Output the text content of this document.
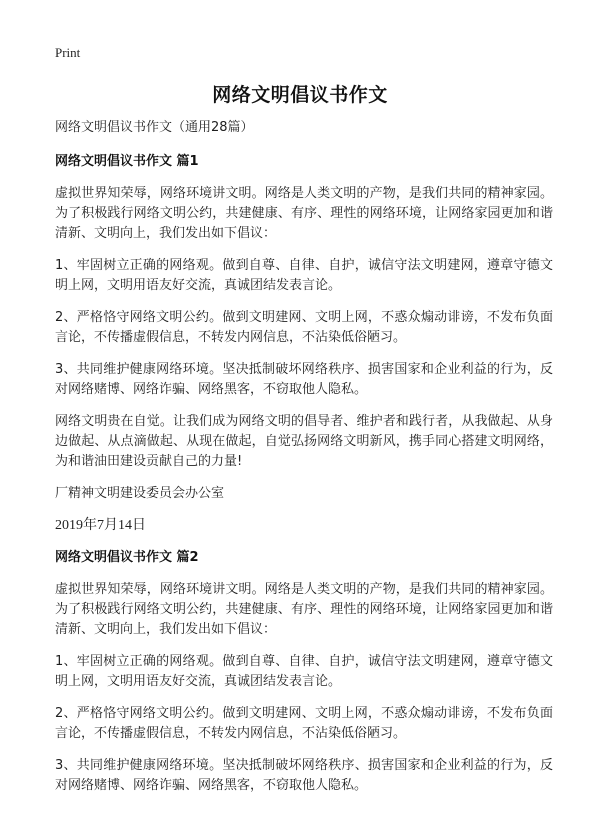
Print
网络文明倡议书作文

网络文明倡议书作文（通用28篇）

网络文明倡议书作文 篇1

虚拟世界知荣辱，网络环境讲文明。网络是人类文明的产物，是我们共同的精神家园。为了积极践行网络文明公约，共建健康、有序、理性的网络环境，让网络家园更加和谐清新、文明向上，我们发出如下倡议：

1、牢固树立正确的网络观。做到自尊、自律、自护，诚信守法文明建网，遵章守德文明上网，文明用语友好交流，真诚团结发表言论。

2、严格恪守网络文明公约。做到文明建网、文明上网，不惑众煽动诽谤，不发布负面言论，不传播虚假信息，不转发内网信息，不沾染低俗陋习。

3、共同维护健康网络环境。坚决抵制破坏网络秩序、损害国家和企业利益的行为，反对网络赌博、网络诈骗、网络黑客，不窃取他人隐私。

网络文明贵在自觉。让我们成为网络文明的倡导者、维护者和践行者，从我做起、从身边做起、从点滴做起、从现在做起，自觉弘扬网络文明新风，携手同心搭建文明网络，为和谐油田建设贡献自己的力量!

厂精神文明建设委员会办公室

2019年7月14日

网络文明倡议书作文 篇2

虚拟世界知荣辱，网络环境讲文明。网络是人类文明的产物，是我们共同的精神家园。为了积极践行网络文明公约，共建健康、有序、理性的网络环境，让网络家园更加和谐清新、文明向上，我们发出如下倡议：

1、牢固树立正确的网络观。做到自尊、自律、自护，诚信守法文明建网，遵章守德文明上网，文明用语友好交流，真诚团结发表言论。

2、严格恪守网络文明公约。做到文明建网、文明上网，不惑众煽动诽谤，不发布负面言论，不传播虚假信息，不转发内网信息，不沾染低俗陋习。

3、共同维护健康网络环境。坚决抵制破坏网络秩序、损害国家和企业利益的行为，反对网络赌博、网络诈骗、网络黑客，不窃取他人隐私。
